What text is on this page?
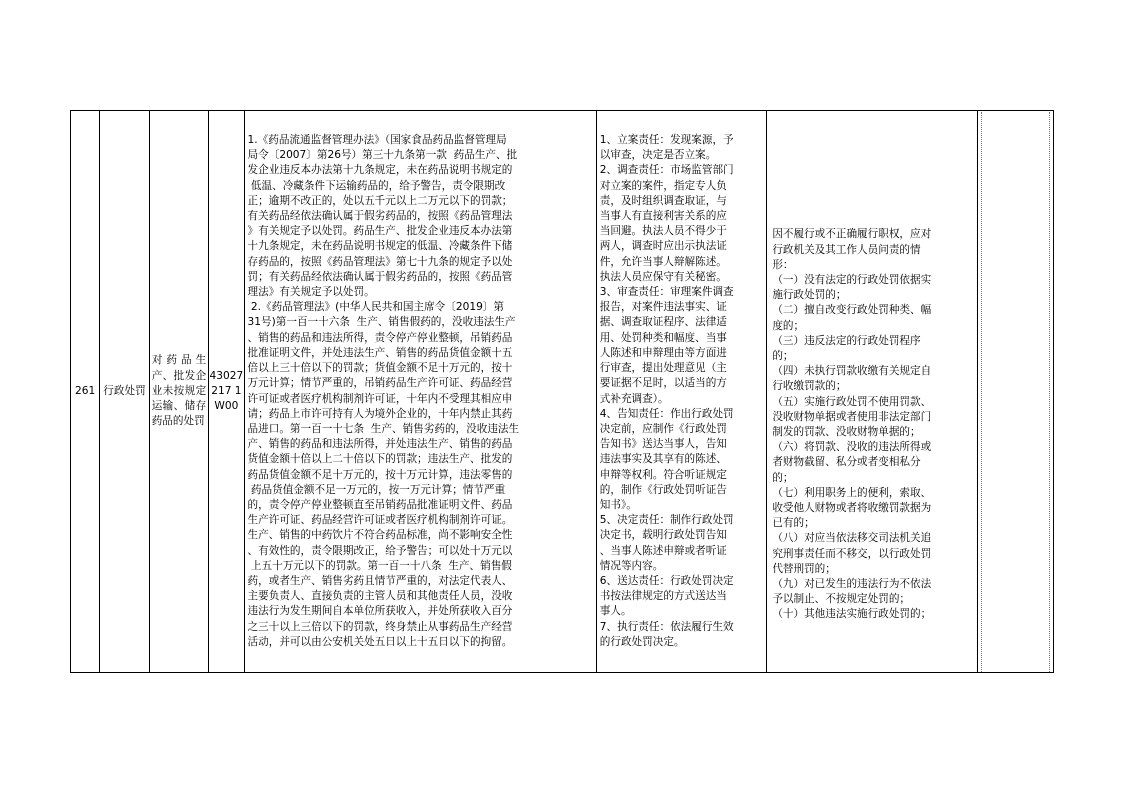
261	行政处罚

对药品生产、批发企业未按规定运输、储存药品的处罚

43027217 1W00

1.《药品流通监督管理办法》（国家食品药品监督管理局
局令〔2007〕第26号）第三十九条第一款  药品生产、批
发企业违反本办法第十九条规定，未在药品说明书规定的
低温、冷藏条件下运输药品的，给予警告，责令限期改
正；逾期不改正的，处以五千元以上二万元以下的罚款；
有关药品经依法确认属于假劣药品的，按照《药品管理法
》有关规定予以处罚。药品生产、批发企业违反本办法第
十九条规定，未在药品说明书规定的低温、冷藏条件下储
存药品的，按照《药品管理法》第七十九条的规定予以处
罚；有关药品经依法确认属于假劣药品的，按照《药品管
理法》有关规定予以处罚。
2.《药品管理法》(中华人民共和国主席令〔2019〕第
31号)第一百一十六条  生产、销售假药的，没收违法生产
、销售的药品和违法所得，责令停产停业整顿，吊销药品
批准证明文件，并处违法生产、销售的药品货值金额十五
倍以上三十倍以下的罚款；货值金额不足十万元的，按十
万元计算；情节严重的，吊销药品生产许可证、药品经营
许可证或者医疗机构制剂许可证，十年内不受理其相应申
请；药品上市许可持有人为境外企业的，十年内禁止其药
品进口。第一百一十七条  生产、销售劣药的，没收违法生
产、销售的药品和违法所得，并处违法生产、销售的药品
货值金额十倍以上二十倍以下的罚款；违法生产、批发的
药品货值金额不足十万元的，按十万元计算，违法零售的
药品货值金额不足一万元的，按一万元计算；情节严重
的，责令停产停业整顿直至吊销药品批准证明文件、药品
生产许可证、药品经营许可证或者医疗机构制剂许可证。
生产、销售的中药饮片不符合药品标准，尚不影响安全性
、有效性的，责令限期改正，给予警告；可以处十万元以
上五十万元以下的罚款。第一百一十八条  生产、销售假
药，或者生产、销售劣药且情节严重的，对法定代表人、
主要负责人、直接负责的主管人员和其他责任人员，没收
违法行为发生期间自本单位所获收入，并处所获收入百分
之三十以上三倍以下的罚款，终身禁止从事药品生产经营
活动，并可以由公安机关处五日以上十五日以下的拘留。

1、立案责任：发现案源，予
以审查，决定是否立案。
2、调查责任：市场监管部门
对立案的案件，指定专人负
责，及时组织调查取证，与
当事人有直接利害关系的应
当回避。执法人员不得少于
两人，调查时应出示执法证
件，允许当事人辩解陈述。
执法人员应保守有关秘密。
3、审查责任：审理案件调查
报告，对案件违法事实、证
据、调查取证程序、法律适
用、处罚种类和幅度、当事
人陈述和申辩理由等方面进
行审查，提出处理意见（主
要证据不足时，以适当的方
式补充调查）。
4、告知责任：作出行政处罚
决定前，应制作《行政处罚
告知书》送达当事人，告知
违法事实及其享有的陈述、
申辩等权利。符合听证规定
的，制作《行政处罚听证告
知书》。
5、决定责任：制作行政处罚
决定书，载明行政处罚告知
、当事人陈述申辩或者听证
情况等内容。
6、送达责任：行政处罚决定
书按法律规定的方式送达当
事人。
7、执行责任：依法履行生效
的行政处罚决定。

因不履行或不正确履行职权，应对
行政机关及其工作人员问责的情
形：
（一）没有法定的行政处罚依据实
施行政处罚的；
（二）擅自改变行政处罚种类、幅
度的；
（三）违反法定的行政处罚程序
的；
（四）未执行罚款收缴有关规定自
行收缴罚款的；
（五）实施行政处罚不使用罚款、
没收财物单据或者使用非法定部门
制发的罚款、没收财物单据的；
（六）将罚款、没收的违法所得或
者财物截留、私分或者变相私分
的；
（七）利用职务上的便利，索取、
收受他人财物或者将收缴罚款据为
已有的；
（八）对应当依法移交司法机关追
究刑事责任而不移交，以行政处罚
代替刑罚的；
（九）对已发生的违法行为不依法
予以制止、不按规定处罚的；
（十）其他违法实施行政处罚的；
